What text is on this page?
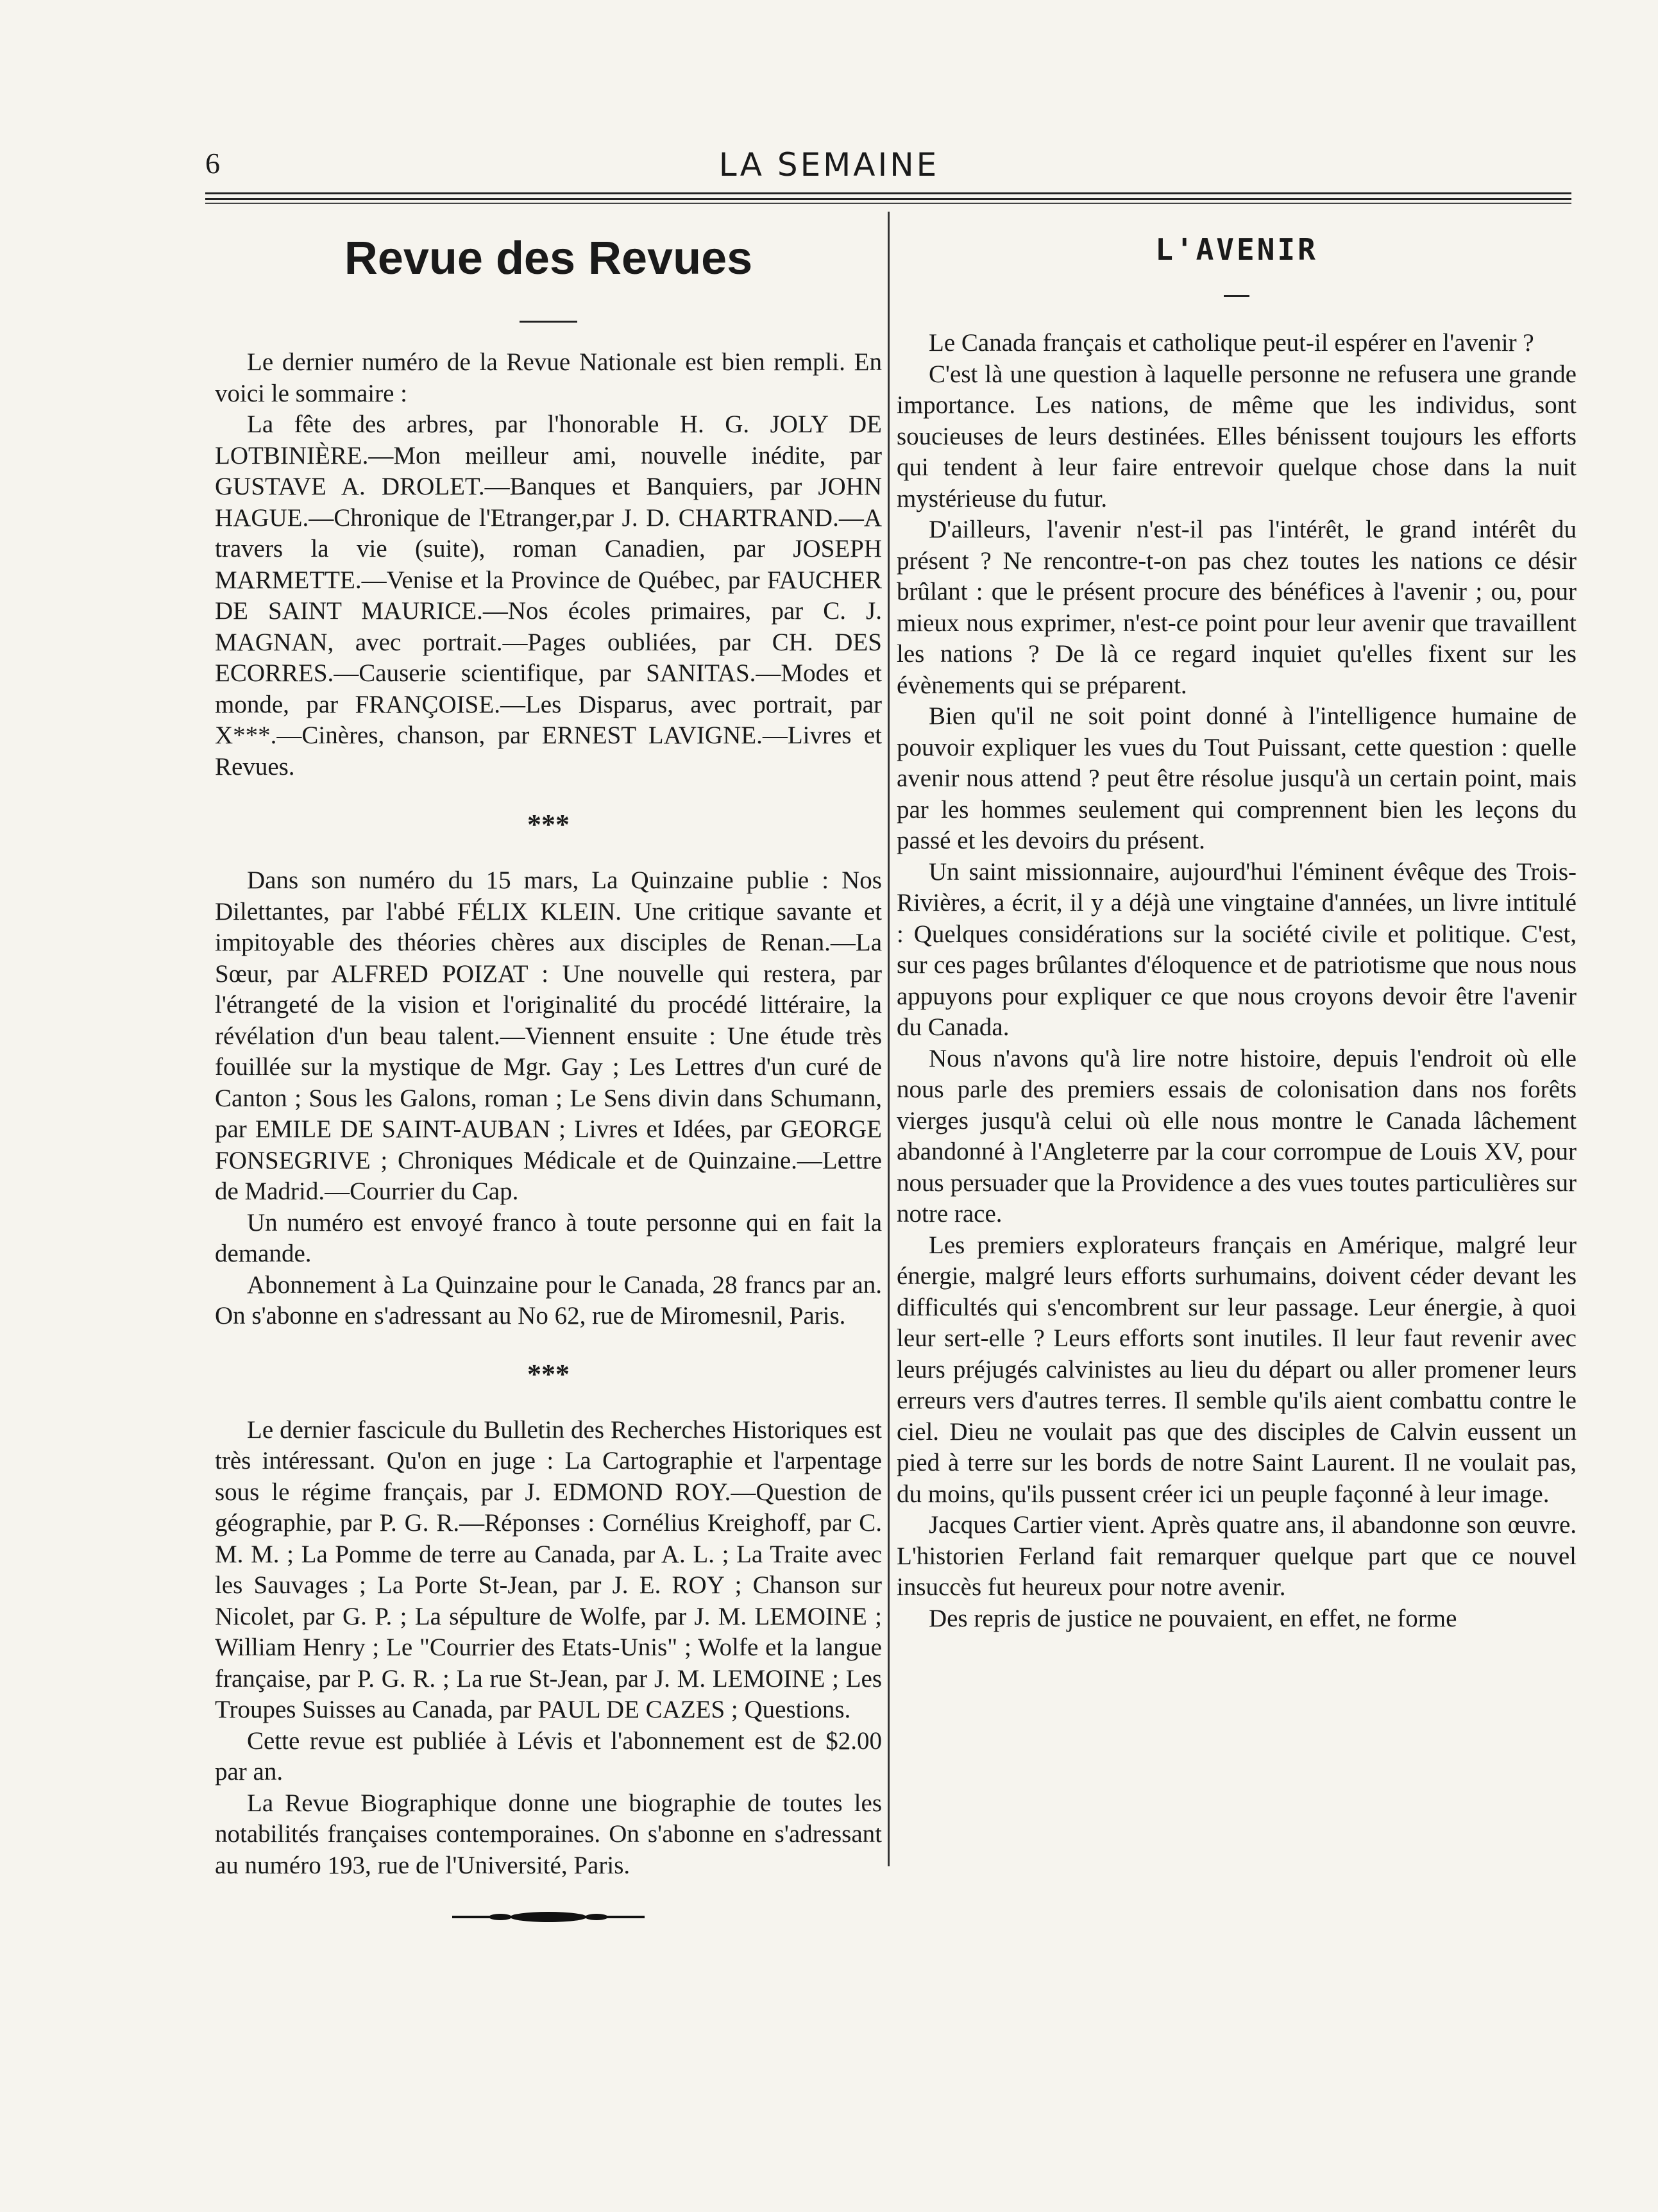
6	LA SEMAINE
Revue des Revues

Le dernier numéro de la Revue Nationale est bien rempli. En voici le sommaire :

La fête des arbres, par l'honorable H. G. JOLY DE LOTBINIÈRE.—Mon meilleur ami, nouvelle inédite, par GUSTAVE A. DROLET.—Banques et Banquiers, par JOHN HAGUE.—Chronique de l'Etranger,par J. D. CHARTRAND.—A travers la vie (suite), roman Canadien, par JOSEPH MARMETTE.—Venise et la Province de Québec, par FAUCHER DE SAINT MAURICE.—Nos écoles primaires, par C. J. MAGNAN, avec portrait.—Pages oubliées, par CH. DES ECORRES.—Causerie scientifique, par SANITAS.—Modes et monde, par FRANÇOISE.—Les Disparus, avec portrait, par X***.—Cinères, chanson, par ERNEST LAVIGNE.—Livres et Revues.

***

Dans son numéro du 15 mars, La Quinzaine publie : Nos Dilettantes, par l'abbé FÉLIX KLEIN. Une critique savante et impitoyable des théories chères aux disciples de Renan.—La Sœur, par ALFRED POIZAT : Une nouvelle qui restera, par l'étrangeté de la vision et l'originalité du procédé littéraire, la révélation d'un beau talent.—Viennent ensuite : Une étude très fouillée sur la mystique de Mgr. Gay ; Les Lettres d'un curé de Canton ; Sous les Galons, roman ; Le Sens divin dans Schumann, par EMILE DE SAINT-AUBAN ; Livres et Idées, par GEORGE FONSEGRIVE ; Chroniques Médicale et de Quinzaine.—Lettre de Madrid.—Courrier du Cap.

Un numéro est envoyé franco à toute personne qui en fait la demande.

Abonnement à La Quinzaine pour le Canada, 28 francs par an. On s'abonne en s'adressant au No 62, rue de Miromesnil, Paris.

***

Le dernier fascicule du Bulletin des Recherches Historiques est très intéressant. Qu'on en juge : La Cartographie et l'arpentage sous le régime français, par J. EDMOND ROY.—Question de géographie, par P. G. R.—Réponses : Cornélius Kreighoff, par C. M. M. ; La Pomme de terre au Canada, par A. L. ; La Traite avec les Sauvages ; La Porte St-Jean, par J. E. ROY ; Chanson sur Nicolet, par G. P. ; La sépulture de Wolfe, par J. M. LEMOINE ; William Henry ; Le "Courrier des Etats-Unis" ; Wolfe et la langue française, par P. G. R. ; La rue St-Jean, par J. M. LEMOINE ; Les Troupes Suisses au Canada, par PAUL DE CAZES ; Questions.

Cette revue est publiée à Lévis et l'abonnement est de $2.00 par an.

La Revue Biographique donne une biographie de toutes les notabilités françaises contemporaines. On s'abonne en s'adressant au numéro 193, rue de l'Université, Paris.

L'AVENIR

Le Canada français et catholique peut-il espérer en l'avenir ?

C'est là une question à laquelle personne ne refusera une grande importance. Les nations, de même que les individus, sont soucieuses de leurs destinées. Elles bénissent toujours les efforts qui tendent à leur faire entrevoir quelque chose dans la nuit mystérieuse du futur.

D'ailleurs, l'avenir n'est-il pas l'intérêt, le grand intérêt du présent ? Ne rencontre-t-on pas chez toutes les nations ce désir brûlant : que le présent procure des bénéfices à l'avenir ; ou, pour mieux nous exprimer, n'est-ce point pour leur avenir que travaillent les nations ? De là ce regard inquiet qu'elles fixent sur les évènements qui se préparent.

Bien qu'il ne soit point donné à l'intelligence humaine de pouvoir expliquer les vues du Tout Puissant, cette question : quelle avenir nous attend ? peut être résolue jusqu'à un certain point, mais par les hommes seulement qui comprennent bien les leçons du passé et les devoirs du présent.

Un saint missionnaire, aujourd'hui l'éminent évêque des Trois-Rivières, a écrit, il y a déjà une vingtaine d'années, un livre intitulé : Quelques considérations sur la société civile et politique. C'est, sur ces pages brûlantes d'éloquence et de patriotisme que nous nous appuyons pour expliquer ce que nous croyons devoir être l'avenir du Canada.

Nous n'avons qu'à lire notre histoire, depuis l'endroit où elle nous parle des premiers essais de colonisation dans nos forêts vierges jusqu'à celui où elle nous montre le Canada lâchement abandonné à l'Angleterre par la cour corrompue de Louis XV, pour nous persuader que la Providence a des vues toutes particulières sur notre race.

Les premiers explorateurs français en Amérique, malgré leur énergie, malgré leurs efforts surhumains, doivent céder devant les difficultés qui s'encombrent sur leur passage. Leur énergie, à quoi leur sert-elle ? Leurs efforts sont inutiles. Il leur faut revenir avec leurs préjugés calvinistes au lieu du départ ou aller promener leurs erreurs vers d'autres terres. Il semble qu'ils aient combattu contre le ciel. Dieu ne voulait pas que des disciples de Calvin eussent un pied à terre sur les bords de notre Saint Laurent. Il ne voulait pas, du moins, qu'ils pussent créer ici un peuple façonné à leur image.

Jacques Cartier vient. Après quatre ans, il abandonne son œuvre. L'historien Ferland fait remarquer quelque part que ce nouvel insuccès fut heureux pour notre avenir.

Des repris de justice ne pouvaient, en effet, ne forme
